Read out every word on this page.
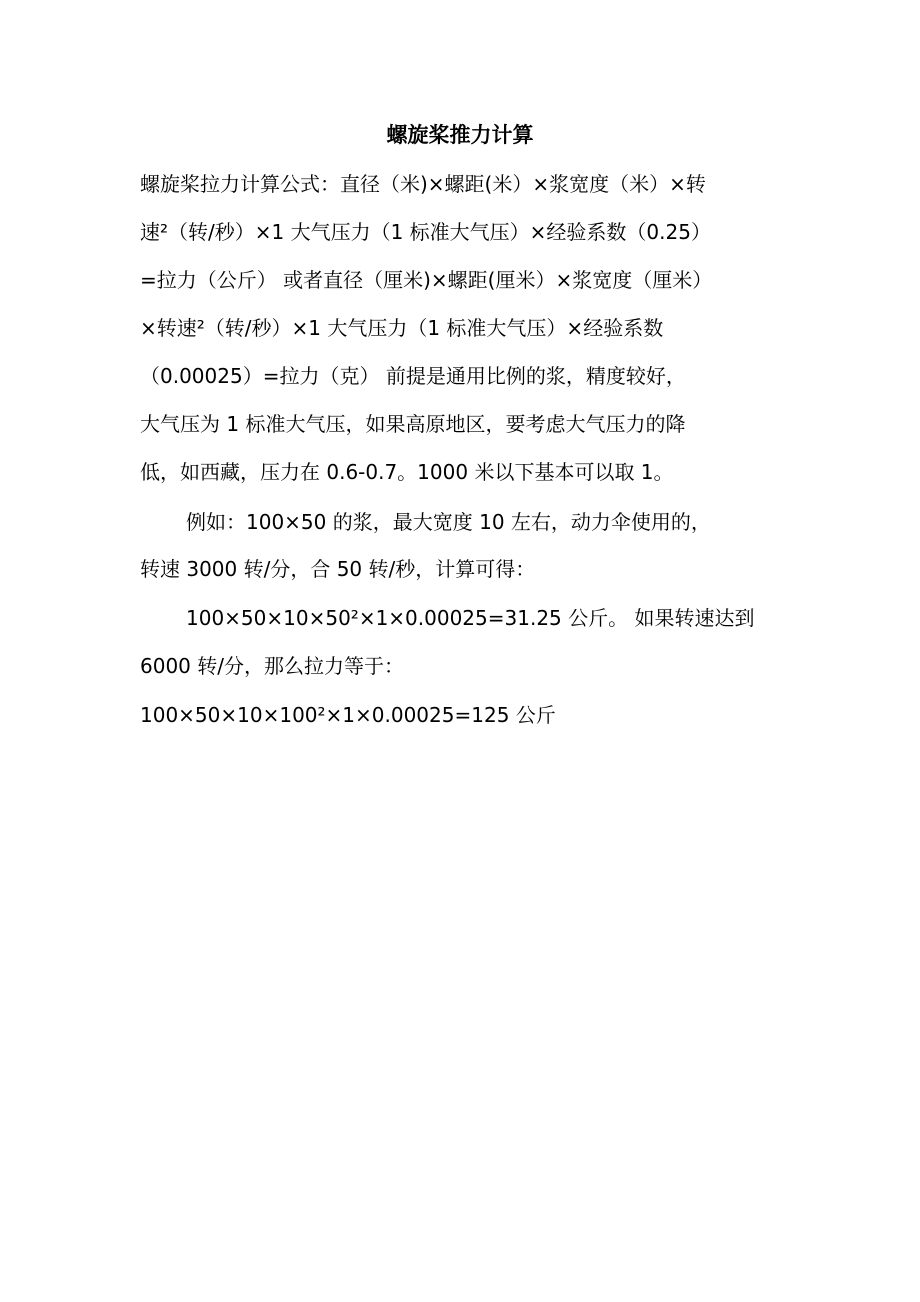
螺旋桨推力计算
螺旋桨拉力计算公式：直径（米)×螺距(米）×浆宽度（米）×转
速²（转/秒）×1 大气压力（1 标准大气压）×经验系数（0.25）
=拉力（公斤） 或者直径（厘米)×螺距(厘米）×浆宽度（厘米）
×转速²（转/秒）×1 大气压力（1 标准大气压）×经验系数
（0.00025）=拉力（克） 前提是通用比例的浆，精度较好，
大气压为 1 标准大气压，如果高原地区，要考虑大气压力的降
低，如西藏，压力在 0.6-0.7。1000 米以下基本可以取 1。
例如：100×50 的浆，最大宽度 10 左右，动力伞使用的，
转速 3000 转/分，合 50 转/秒，计算可得：
100×50×10×50²×1×0.00025=31.25 公斤。 如果转速达到
6000 转/分，那么拉力等于：
100×50×10×100²×1×0.00025=125 公斤
